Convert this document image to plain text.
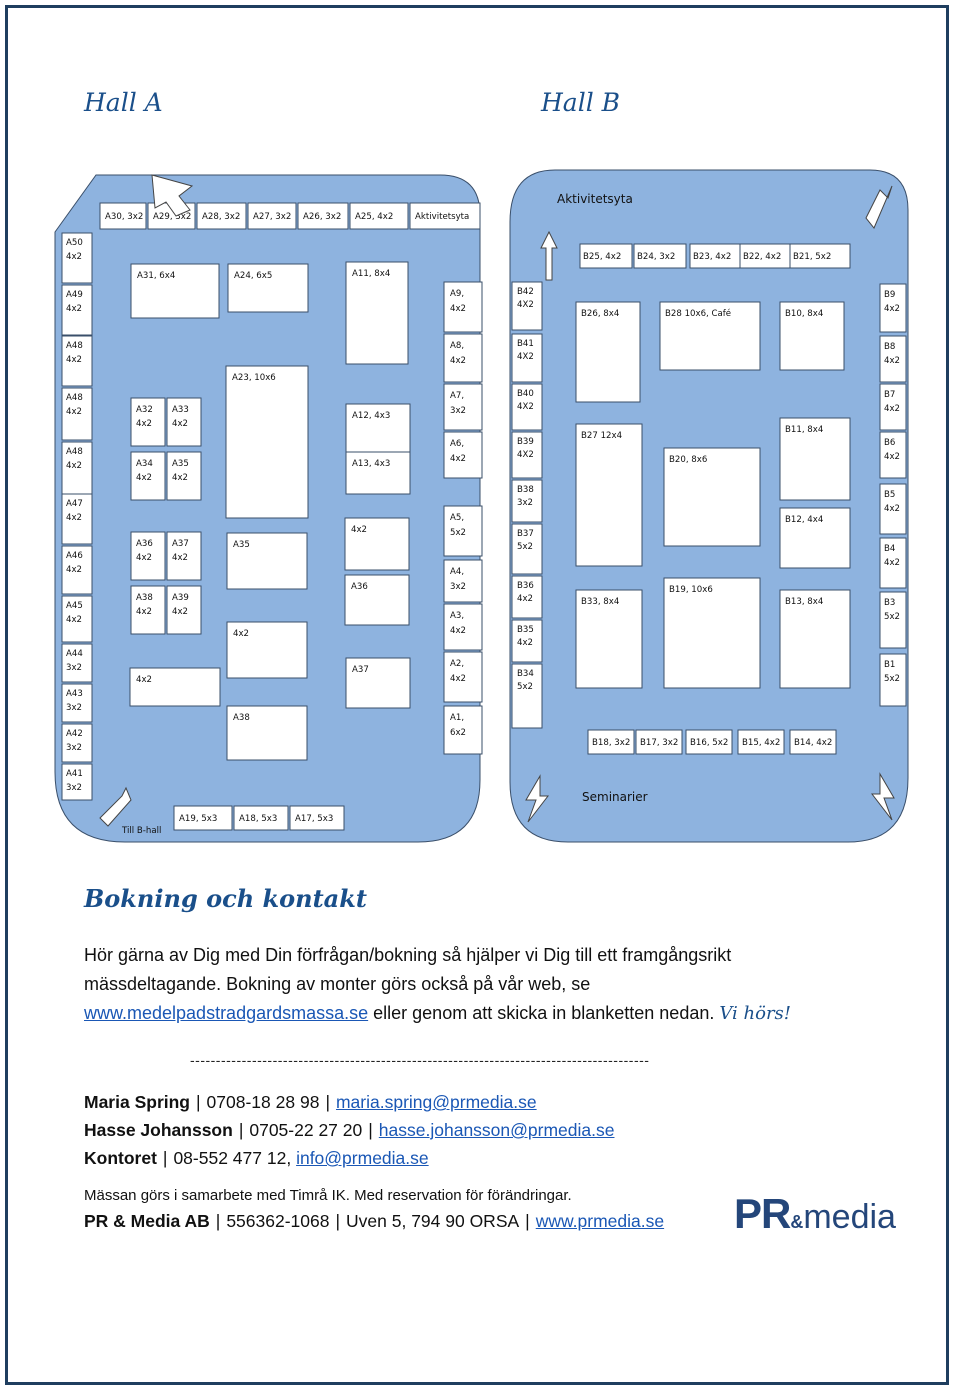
Hall A	Hall B
A50
4x2
A49
4x2
A48
4x2
A48
4x2
A48
4x2
A47
4x2
A46
4x2
A45
4x2
A44
3x2
A43
3x2
A42
3x2
A41
3x2
A30, 3x2 A29, 3x2 A28, 3x2 A27, 3x2 A26, 3x2 A25, 4x2	Aktivitetsyta
A9,
4x2
A8,
4x2
A7,
3x2
A6,
4x2
A5,
5x2
A4,
3x2
A3,
4x2
A2,
4x2
A1,
6x2
A31, 6x4	A24, 6x5	A11, 8x4
A23, 10x6
A12, 4x3
A13, 4x3
4x2
A36
A35
4x2
A37
4x2
A38
A32
4x2
A33
4x2
A34
4x2
A35
4x2
A36
4x2
A37
4x2
A38
4x2
A39
4x2
A19, 5x3	A18, 5x3 A17, 5x3
Till B-hall
Aktivitetsyta
B25, 4x2 B24, 3x2 B23, 4x2 B22, 4x2 B21, 5x2
B42
4X2
B41
4X2
B40
4X2
B39
4X2
B38
3x2
B37
5x2
B36
4x2
B35
4x2
B34
5x2
B9
4x2
B8
4x2
B7
4x2
B6
4x2
B5
4x2
B4
4x2
B3
5x2
B1
5x2
B26, 8x4	B28 10x6, Café	B10, 8x4
B27 12x4
B11, 8x4
B20, 8x6
B12, 4x4
B33, 8x4
B19, 10x6
B13, 8x4
B18, 3x2 B17, 3x2 B16, 5x2 B15, 4x2 B14, 4x2
Seminarier
Bokning och kontakt
Hör gärna av Dig med Din förfrågan/bokning så hjälper vi Dig till ett framgångsrikt
mässdeltagande. Bokning av monter görs också på vår web, se
www.medelpadstradgardsmassa.se eller genom att skicka in blanketten nedan. Vi hörs!
-----------------------------------------------------------------------------------------
Maria Spring | 0708-18 28 98 | maria.spring@prmedia.se
Hasse Johansson | 0705-22 27 20 | hasse.johansson@prmedia.se
Kontoret | 08-552 477 12, info@prmedia.se
Mässan görs i samarbete med Timrå IK. Med reservation för förändringar.
PR & Media AB | 556362-1068 | Uven 5, 794 90 ORSA | www.prmedia.se PR&media
